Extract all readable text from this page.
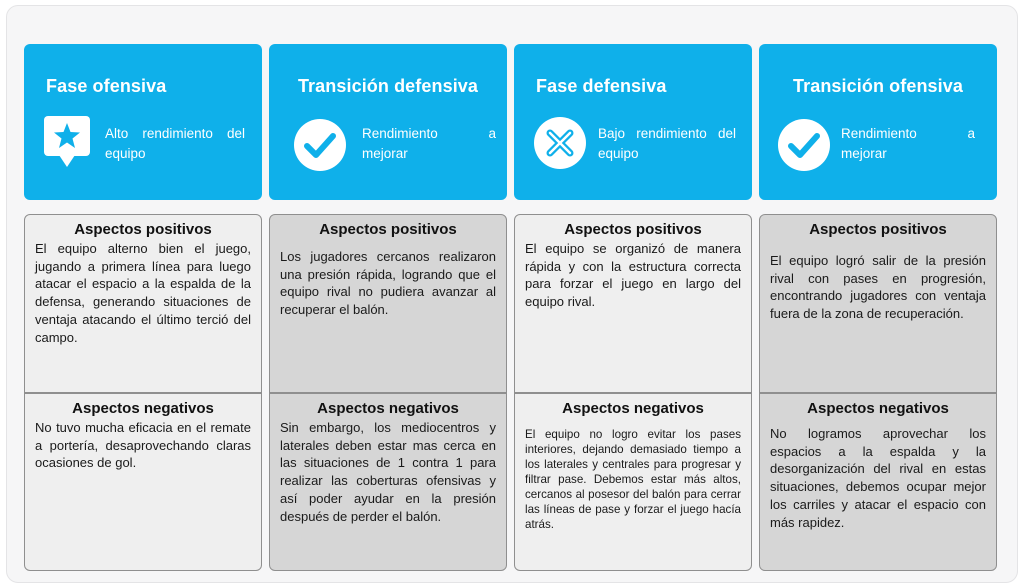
Fase ofensiva
Alto rendimiento del equipo
Aspectos positivos
El equipo alterno bien el juego, jugando a primera línea para luego atacar el espacio a la espalda de la defensa, generando situaciones de ventaja atacando el último terció del campo.
Aspectos negativos
No tuvo mucha eficacia en el remate a portería, desaprovechando claras ocasiones de gol.
Transición defensiva
Rendimiento a mejorar
Aspectos positivos
Los jugadores cercanos realizaron una presión rápida, logrando que el equipo rival no pudiera avanzar al recuperar el balón.
Aspectos negativos
Sin embargo, los mediocentros y laterales deben estar mas cerca en las situaciones de 1 contra 1 para realizar las coberturas ofensivas y así poder ayudar en la presión después de perder el balón.
Fase defensiva
Bajo rendimiento del equipo
Aspectos positivos
El equipo se organizó de manera rápida y con la estructura correcta para forzar el juego en largo del equipo rival.
Aspectos negativos
El equipo no logro evitar los pases interiores, dejando demasiado tiempo a los laterales y centrales para progresar y filtrar pase. Debemos estar más altos, cercanos al posesor del balón para cerrar las líneas de pase y forzar el juego hacía atrás.
Transición ofensiva
Rendimiento a mejorar
Aspectos positivos
El equipo logró salir de la presión rival con pases en progresión, encontrando jugadores con ventaja fuera de la zona de recuperación.
Aspectos negativos
No logramos aprovechar los espacios a la espalda y la desorganización del rival en estas situaciones, debemos ocupar mejor los carriles y atacar el espacio con más rapidez.
